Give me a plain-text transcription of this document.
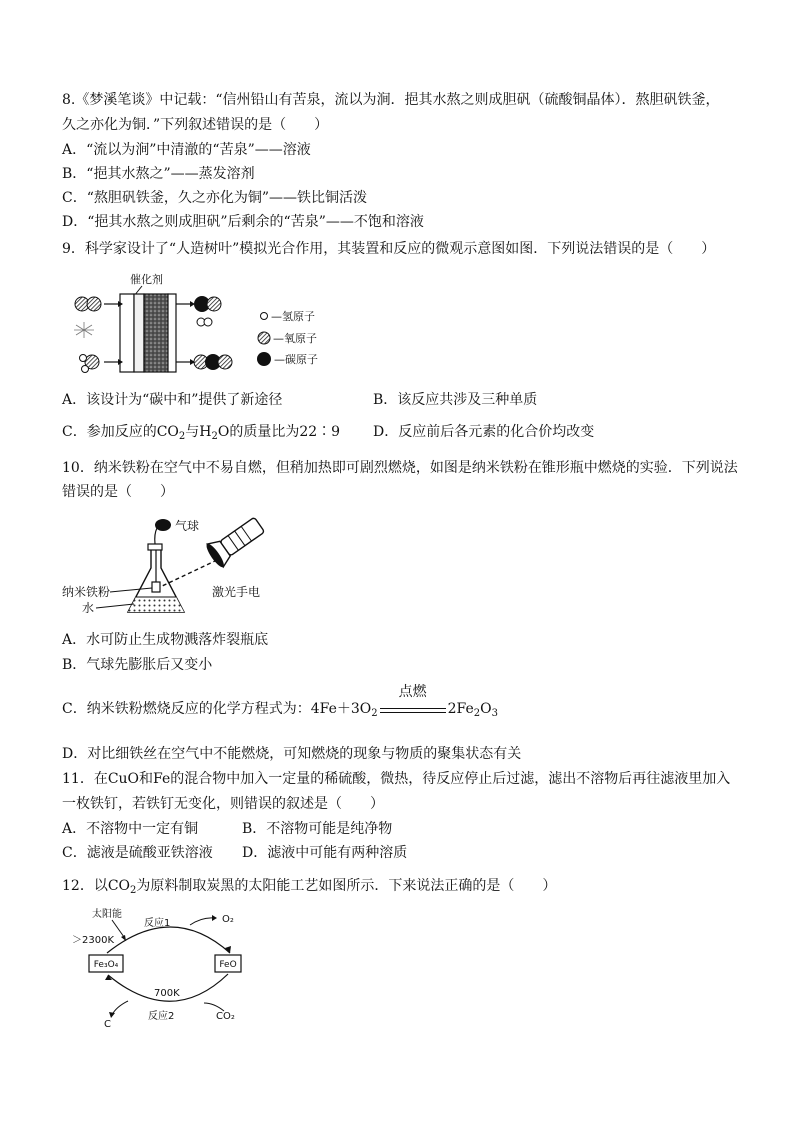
8.《梦溪笔谈》中记载：“信州铅山有苦泉，流以为涧．挹其水熬之则成胆矾（硫酸铜晶体）．熬胆矾铁釜，
久之亦化为铜．”下列叙述错误的是（　　）
A．“流以为涧”中清澈的“苦泉”——溶液
B．“挹其水熬之”——蒸发溶剂
C．“熬胆矾铁釜，久之亦化为铜”——铁比铜活泼
D．“挹其水熬之则成胆矾”后剩余的“苦泉”——不饱和溶液
9．科学家设计了“人造树叶”模拟光合作用，其装置和反应的微观示意图如图．下列说法错误的是（　　）
催化剂
—氢原子
—氧原子
—碳原子
A．该设计为“碳中和”提供了新途径	B．该反应共涉及三种单质
C．参加反应的$CO_2$与$H_2O$的质量比为22∶9 D．反应前后各元素的化合价均改变
10．纳米铁粉在空气中不易自燃，但稍加热即可剧烈燃烧，如图是纳米铁粉在锥形瓶中燃烧的实验．下列说法
错误的是（　　）
气球
激光手电
纳米铁粉
水
A．水可防止生成物溅落炸裂瓶底
B．气球先膨胀后又变小
C．纳米铁粉燃烧反应的化学方程式为：$4Fe+3O_2$
点燃
$2Fe_2O_3$
D．对比细铁丝在空气中不能燃烧，可知燃烧的现象与物质的聚集状态有关
11．在CuO和Fe的混合物中加入一定量的稀硫酸，微热，待反应停止后过滤，滤出不溶物后再往滤液里加入
一枚铁钉，若铁钉无变化，则错误的叙述是（　　）
A．不溶物中一定有铜	B．不溶物可能是纯净物
C．滤液是硫酸亚铁溶液 D．滤液中可能有两种溶质
12．以$CO_2$为原料制取炭黑的太阳能工艺如图所示．下来说法正确的是（　　）
太阳能
＞2300K
反应1	O₂
Fe₃O₄	FeO
700K
CO₂
C
反应2
